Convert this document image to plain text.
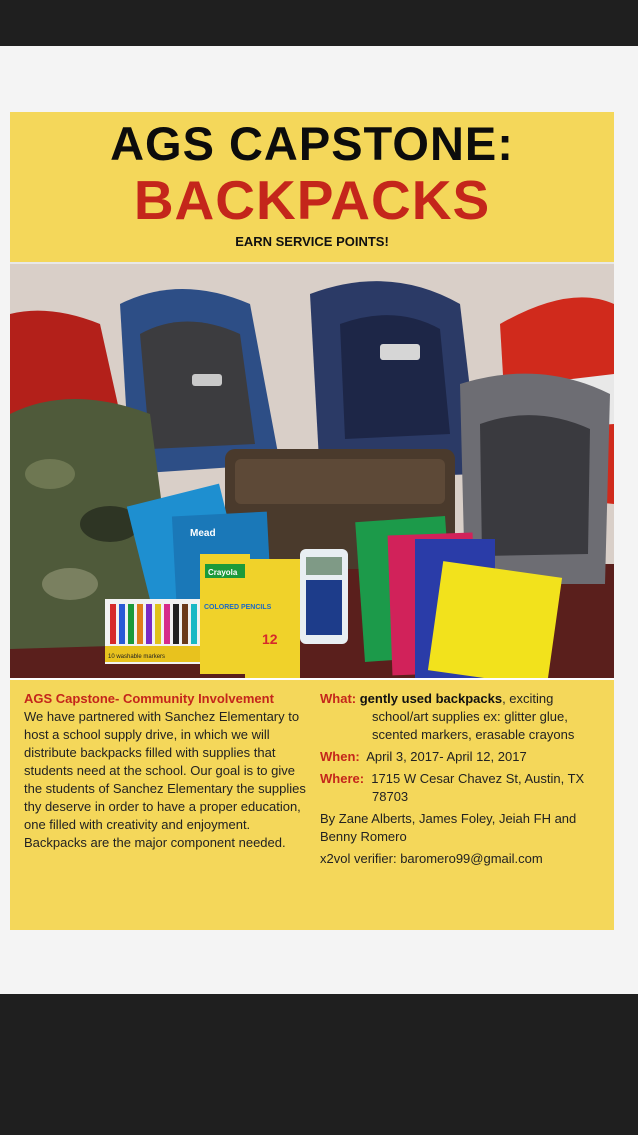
AGS CAPSTONE:
BACKPACKS
EARN SERVICE POINTS!
Mead
10 washable markers
Crayola
COLORED PENCILS
12
AGS Capstone- Community Involvement
We have partnered with Sanchez Elementary to host a school supply drive, in which we will distribute backpacks filled with supplies that students need at the school. Our goal is to give the students of Sanchez Elementary the supplies thy deserve in order to have a proper education, one filled with creativity and enjoyment. Backpacks are the major component needed.
What: gently used backpacks, exciting
school/art supplies ex: glitter glue, scented markers, erasable crayons
When: April 3, 2017- April 12, 2017
Where: 1715 W Cesar Chavez St, Austin, TX 78703
By Zane Alberts, James Foley, Jeiah FH and Benny Romero
x2vol verifier: baromero99@gmail.com
